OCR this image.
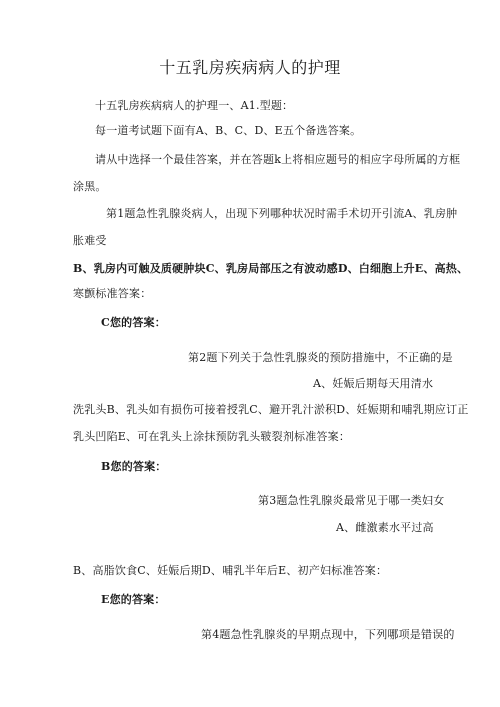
十五乳房疾病病人的护理
十五乳房疾病病人的护理一、A1.型题：
每一道考试题下面有A、B、C、D、E五个备选答案。
请从中选择一个最佳答案，并在答题k上将相应题号的相应字母所属的方框
涂黑。
第1题急性乳腺炎病人，出现下列哪种状况时需手术切开引流A、乳房肿
胀难受
B、乳房内可触及质硬肿块C、乳房局部压之有波动感D、白细胞上升E、高热、
寒颤标准答案：
C您的答案：
第2题下列关于急性乳腺炎的预防措施中，不正确的是
A、妊娠后期每天用清水
洗乳头B、乳头如有损伤可接着授乳C、避开乳汁淤积D、妊娠期和哺乳期应订正
乳头凹陷E、可在乳头上涂抹预防乳头皲裂剂标准答案：
B您的答案：
第3题急性乳腺炎最常见于哪一类妇女
A、雌激素水平过高
B、高脂饮食C、妊娠后期D、哺乳半年后E、初产妇标准答案：
E您的答案：
第4题急性乳腺炎的早期点现中，下列哪项是错误的
